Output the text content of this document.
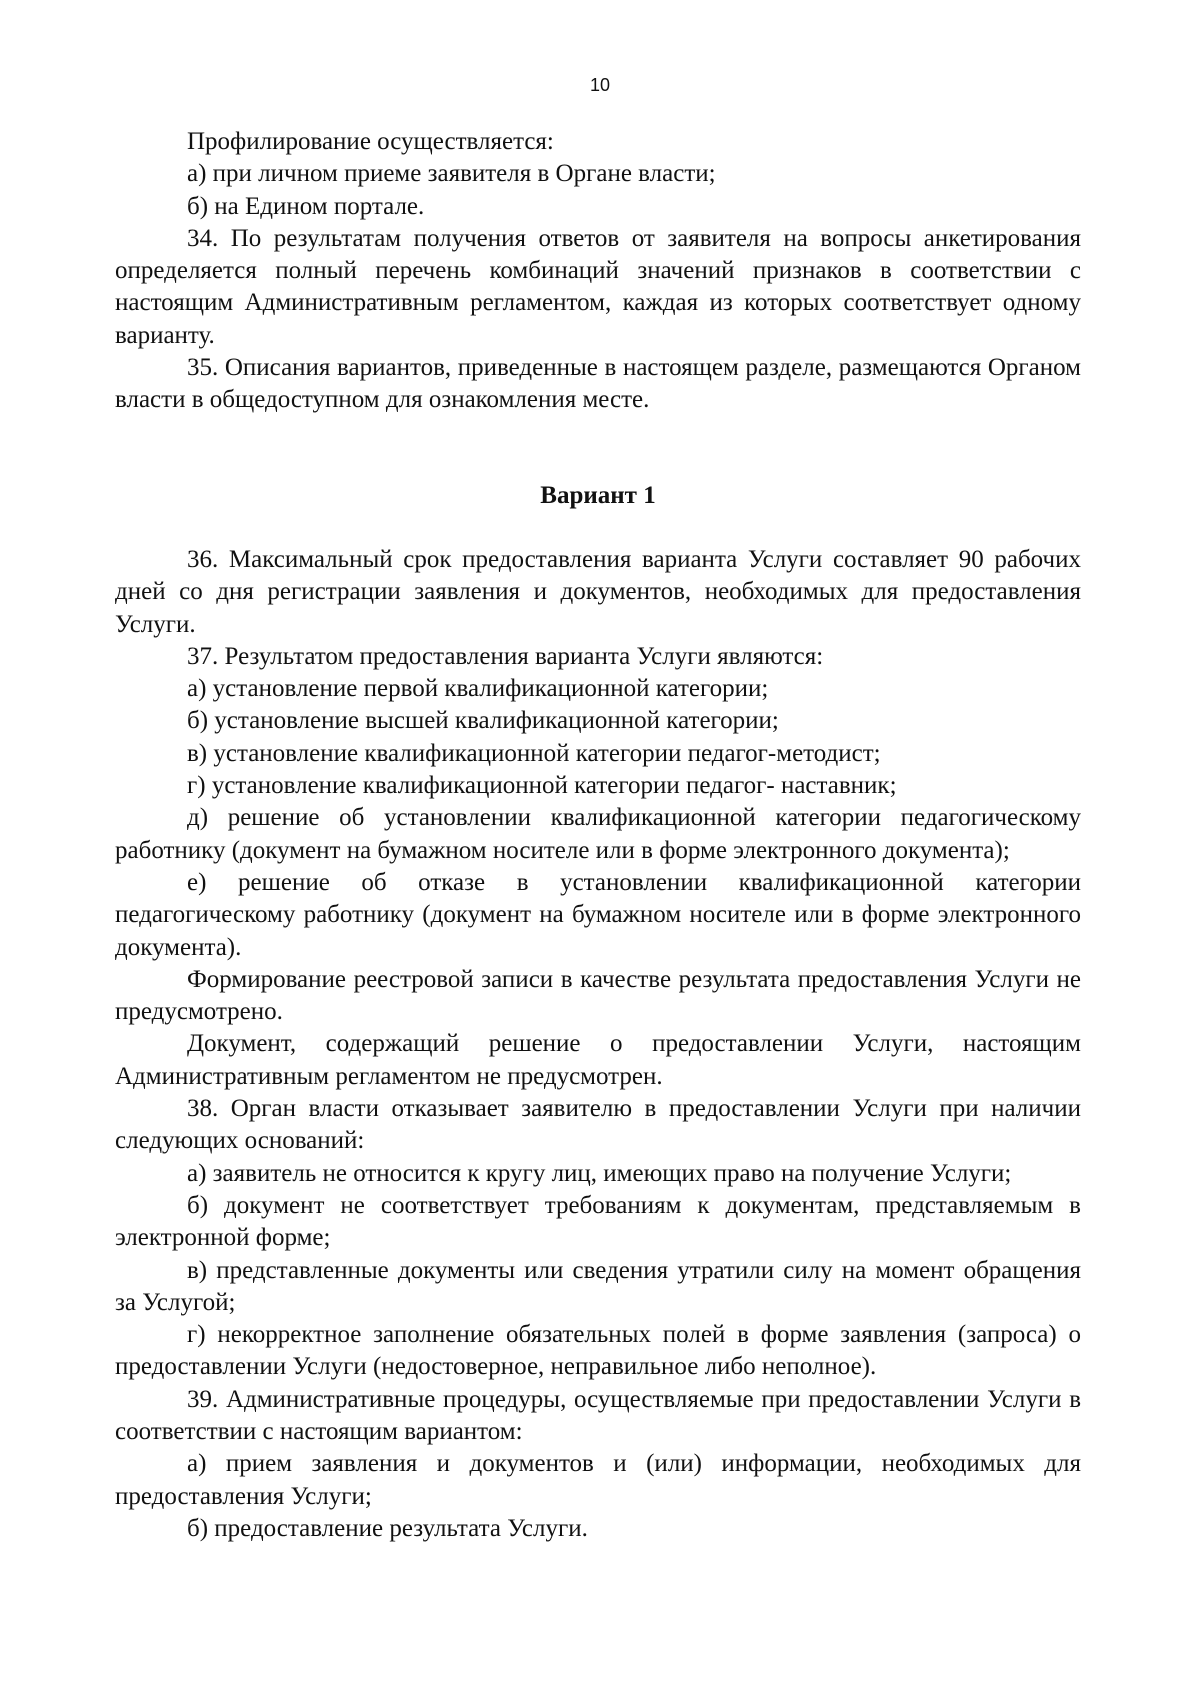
10

Профилирование осуществляется:

а) при личном приеме заявителя в Органе власти;

б) на Едином портале.

34. По результатам получения ответов от заявителя на вопросы анкетирования определяется полный перечень комбинаций значений признаков в соответствии с настоящим Административным регламентом, каждая из которых соответствует одному варианту.

35. Описания вариантов, приведенные в настоящем разделе, размещаются Органом власти в общедоступном для ознакомления месте.

Вариант 1

36. Максимальный срок предоставления варианта Услуги составляет 90 рабочих дней со дня регистрации заявления и документов, необходимых для предоставления Услуги.

37. Результатом предоставления варианта Услуги являются:

а) установление первой квалификационной категории;

б) установление высшей квалификационной категории;

в) установление квалификационной категории педагог-методист;

г) установление квалификационной категории педагог- наставник;

д) решение об установлении квалификационной категории педагогическому работнику (документ на бумажном носителе или в форме электронного документа);

е) решение об отказе в установлении квалификационной категории педагогическому работнику (документ на бумажном носителе или в форме электронного документа).

Формирование реестровой записи в качестве результата предоставления Услуги не предусмотрено.

Документ, содержащий решение о предоставлении Услуги, настоящим Административным регламентом не предусмотрен.

38. Орган власти отказывает заявителю в предоставлении Услуги при наличии следующих оснований:

а) заявитель не относится к кругу лиц, имеющих право на получение Услуги;

б) документ не соответствует требованиям к документам, представляемым в электронной форме;

в) представленные документы или сведения утратили силу на момент обращения за Услугой;

г) некорректное заполнение обязательных полей в форме заявления (запроса) о предоставлении Услуги (недостоверное, неправильное либо неполное).

39. Административные процедуры, осуществляемые при предоставлении Услуги в соответствии с настоящим вариантом:

а) прием заявления и документов и (или) информации, необходимых для предоставления Услуги;

б) предоставление результата Услуги.
